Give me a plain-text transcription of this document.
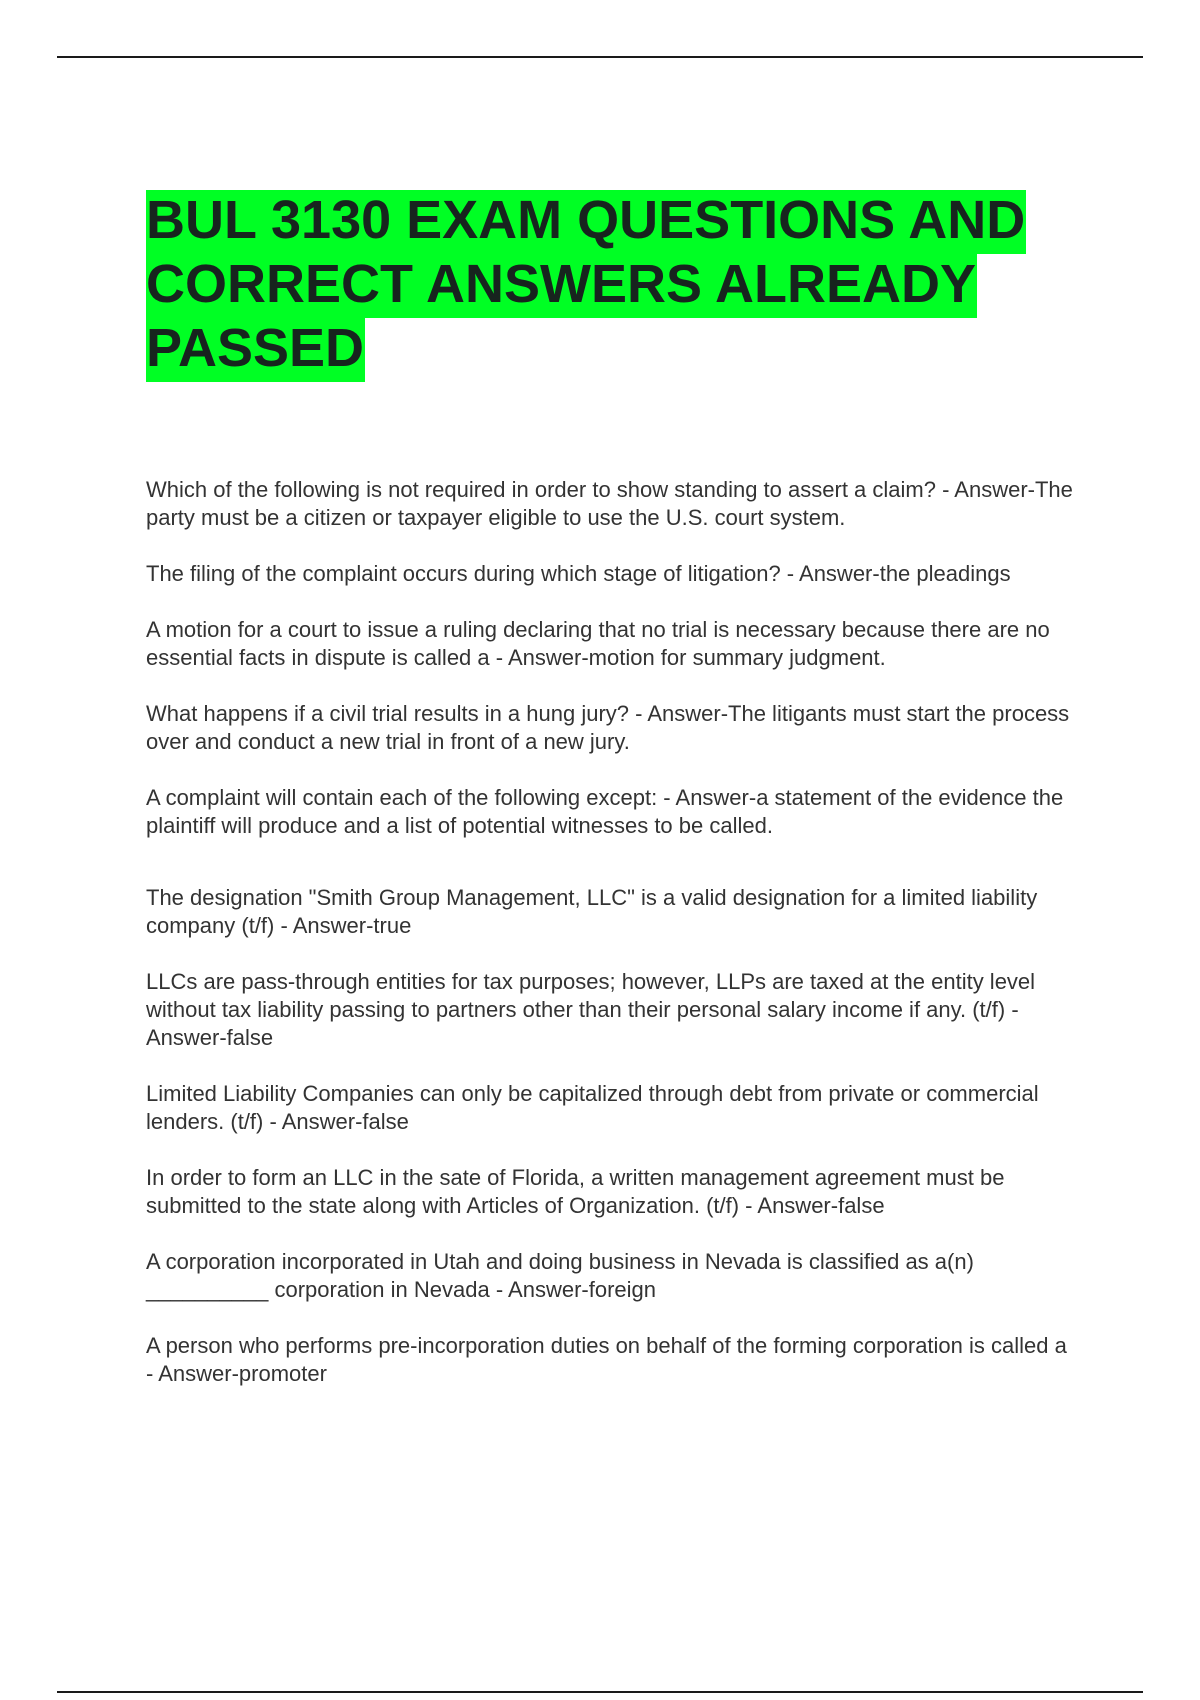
BUL 3130 EXAM QUESTIONS AND
CORRECT ANSWERS ALREADY
PASSED

Which of the following is not required in order to show standing to assert a claim? - Answer-The party must be a citizen or taxpayer eligible to use the U.S. court system.

The filing of the complaint occurs during which stage of litigation? - Answer-the pleadings

A motion for a court to issue a ruling declaring that no trial is necessary because there are no essential facts in dispute is called a - Answer-motion for summary judgment.

What happens if a civil trial results in a hung jury? - Answer-The litigants must start the process over and conduct a new trial in front of a new jury.

A complaint will contain each of the following except: - Answer-a statement of the evidence the plaintiff will produce and a list of potential witnesses to be called.

The designation "Smith Group Management, LLC" is a valid designation for a limited liability company (t/f) - Answer-true

LLCs are pass-through entities for tax purposes; however, LLPs are taxed at the entity level without tax liability passing to partners other than their personal salary income if any. (t/f) - Answer-false

Limited Liability Companies can only be capitalized through debt from private or commercial lenders. (t/f) - Answer-false

In order to form an LLC in the sate of Florida, a written management agreement must be submitted to the state along with Articles of Organization. (t/f) - Answer-false

A corporation incorporated in Utah and doing business in Nevada is classified as a(n) __________ corporation in Nevada - Answer-foreign

A person who performs pre-incorporation duties on behalf of the forming corporation is called a - Answer-promoter
